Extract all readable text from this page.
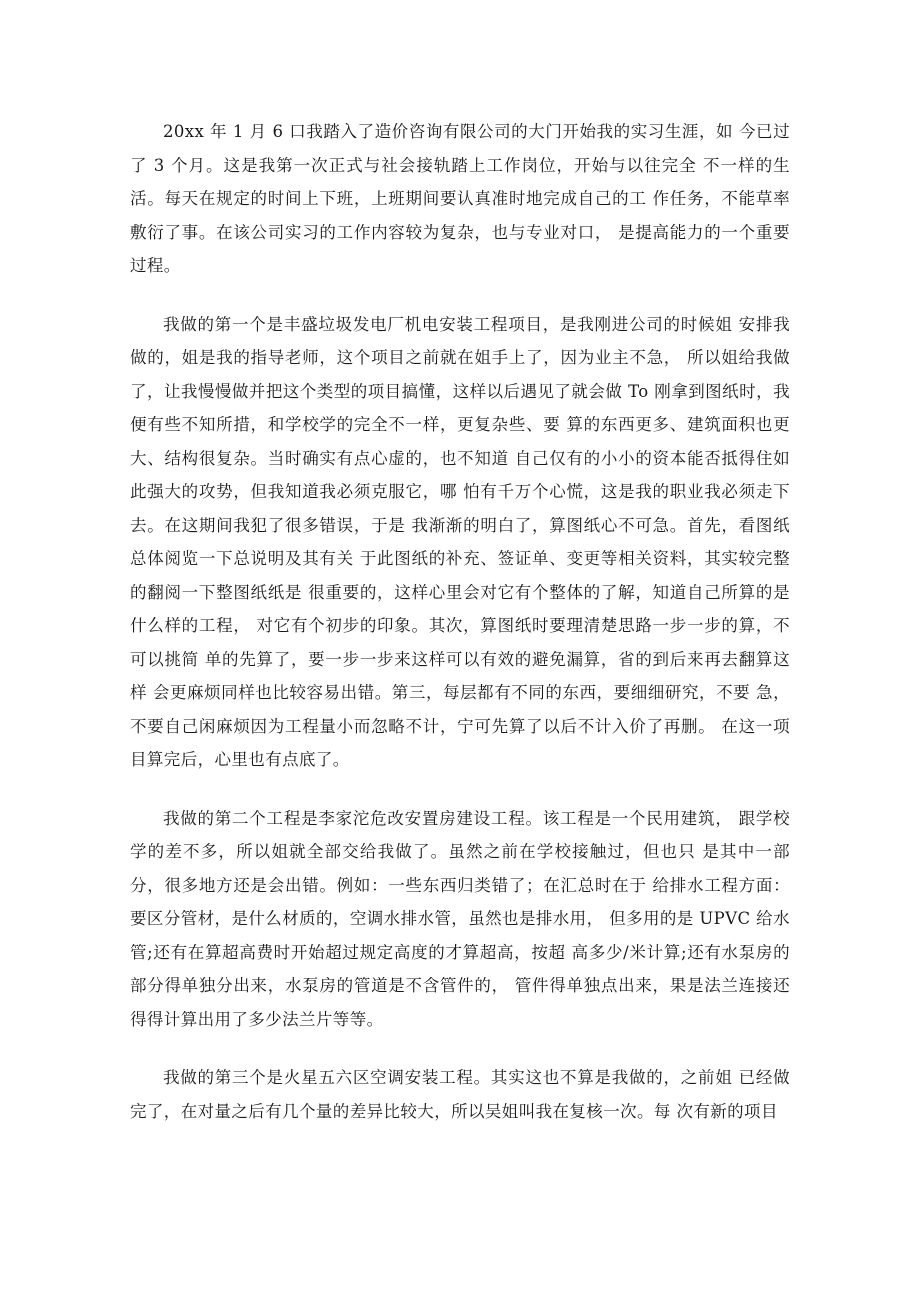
20xx 年 1 月 6 口我踏入了造价咨询有限公司的大门开始我的实习生涯，如 今已过了 3 个月。这是我第一次正式与社会接轨踏上工作岗位，开始与以往完全 不一样的生活。每天在规定的时间上下班，上班期间要认真准时地完成自己的工 作任务，不能草率敷衍了事。在该公司实习的工作内容较为复杂，也与专业对口， 是提高能力的一个重要过程。

我做的第一个是丰盛垃圾发电厂机电安装工程项目，是我刚进公司的时候姐 安排我做的，姐是我的指导老师，这个项目之前就在姐手上了，因为业主不急， 所以姐给我做了，让我慢慢做并把这个类型的项目搞懂，这样以后遇见了就会做 To 刚拿到图纸时，我便有些不知所措，和学校学的完全不一样，更复杂些、要 算的东西更多、建筑面积也更大、结构很复杂。当时确实有点心虚的，也不知道 自己仅有的小小的资本能否抵得住如此强大的攻势，但我知道我必须克服它，哪 怕有千万个心慌，这是我的职业我必须走下去。在这期间我犯了很多错误，于是 我渐渐的明白了，算图纸心不可急。首先，看图纸总体阅览一下总说明及其有关 于此图纸的补充、签证单、变更等相关资料，其实较完整的翻阅一下整图纸纸是 很重要的，这样心里会对它有个整体的了解，知道自己所算的是什么样的工程， 对它有个初步的印象。其次，算图纸时要理清楚思路一步一步的算，不可以挑简 单的先算了，要一步一步来这样可以有效的避免漏算，省的到后来再去翻算这样 会更麻烦同样也比较容易出错。第三，每层都有不同的东西，要细细研究，不要 急，不要自己闲麻烦因为工程量小而忽略不计，宁可先算了以后不计入价了再删。 在这一项目算完后，心里也有点底了。

我做的第二个工程是李家沱危改安置房建设工程。该工程是一个民用建筑， 跟学校学的差不多，所以姐就全部交给我做了。虽然之前在学校接触过，但也只 是其中一部分，很多地方还是会出错。例如：一些东西归类错了；在汇总时在于 给排水工程方面：要区分管材，是什么材质的，空调水排水管，虽然也是排水用， 但多用的是 UPVC 给水管;还有在算超高费时开始超过规定高度的才算超高，按超 高多少/米计算;还有水泵房的部分得单独分出来，水泵房的管道是不含管件的， 管件得单独点出来，果是法兰连接还得得计算出用了多少法兰片等等。

我做的第三个是火星五六区空调安装工程。其实这也不算是我做的，之前姐 已经做完了，在对量之后有几个量的差异比较大，所以吴姐叫我在复核一次。每 次有新的项目
